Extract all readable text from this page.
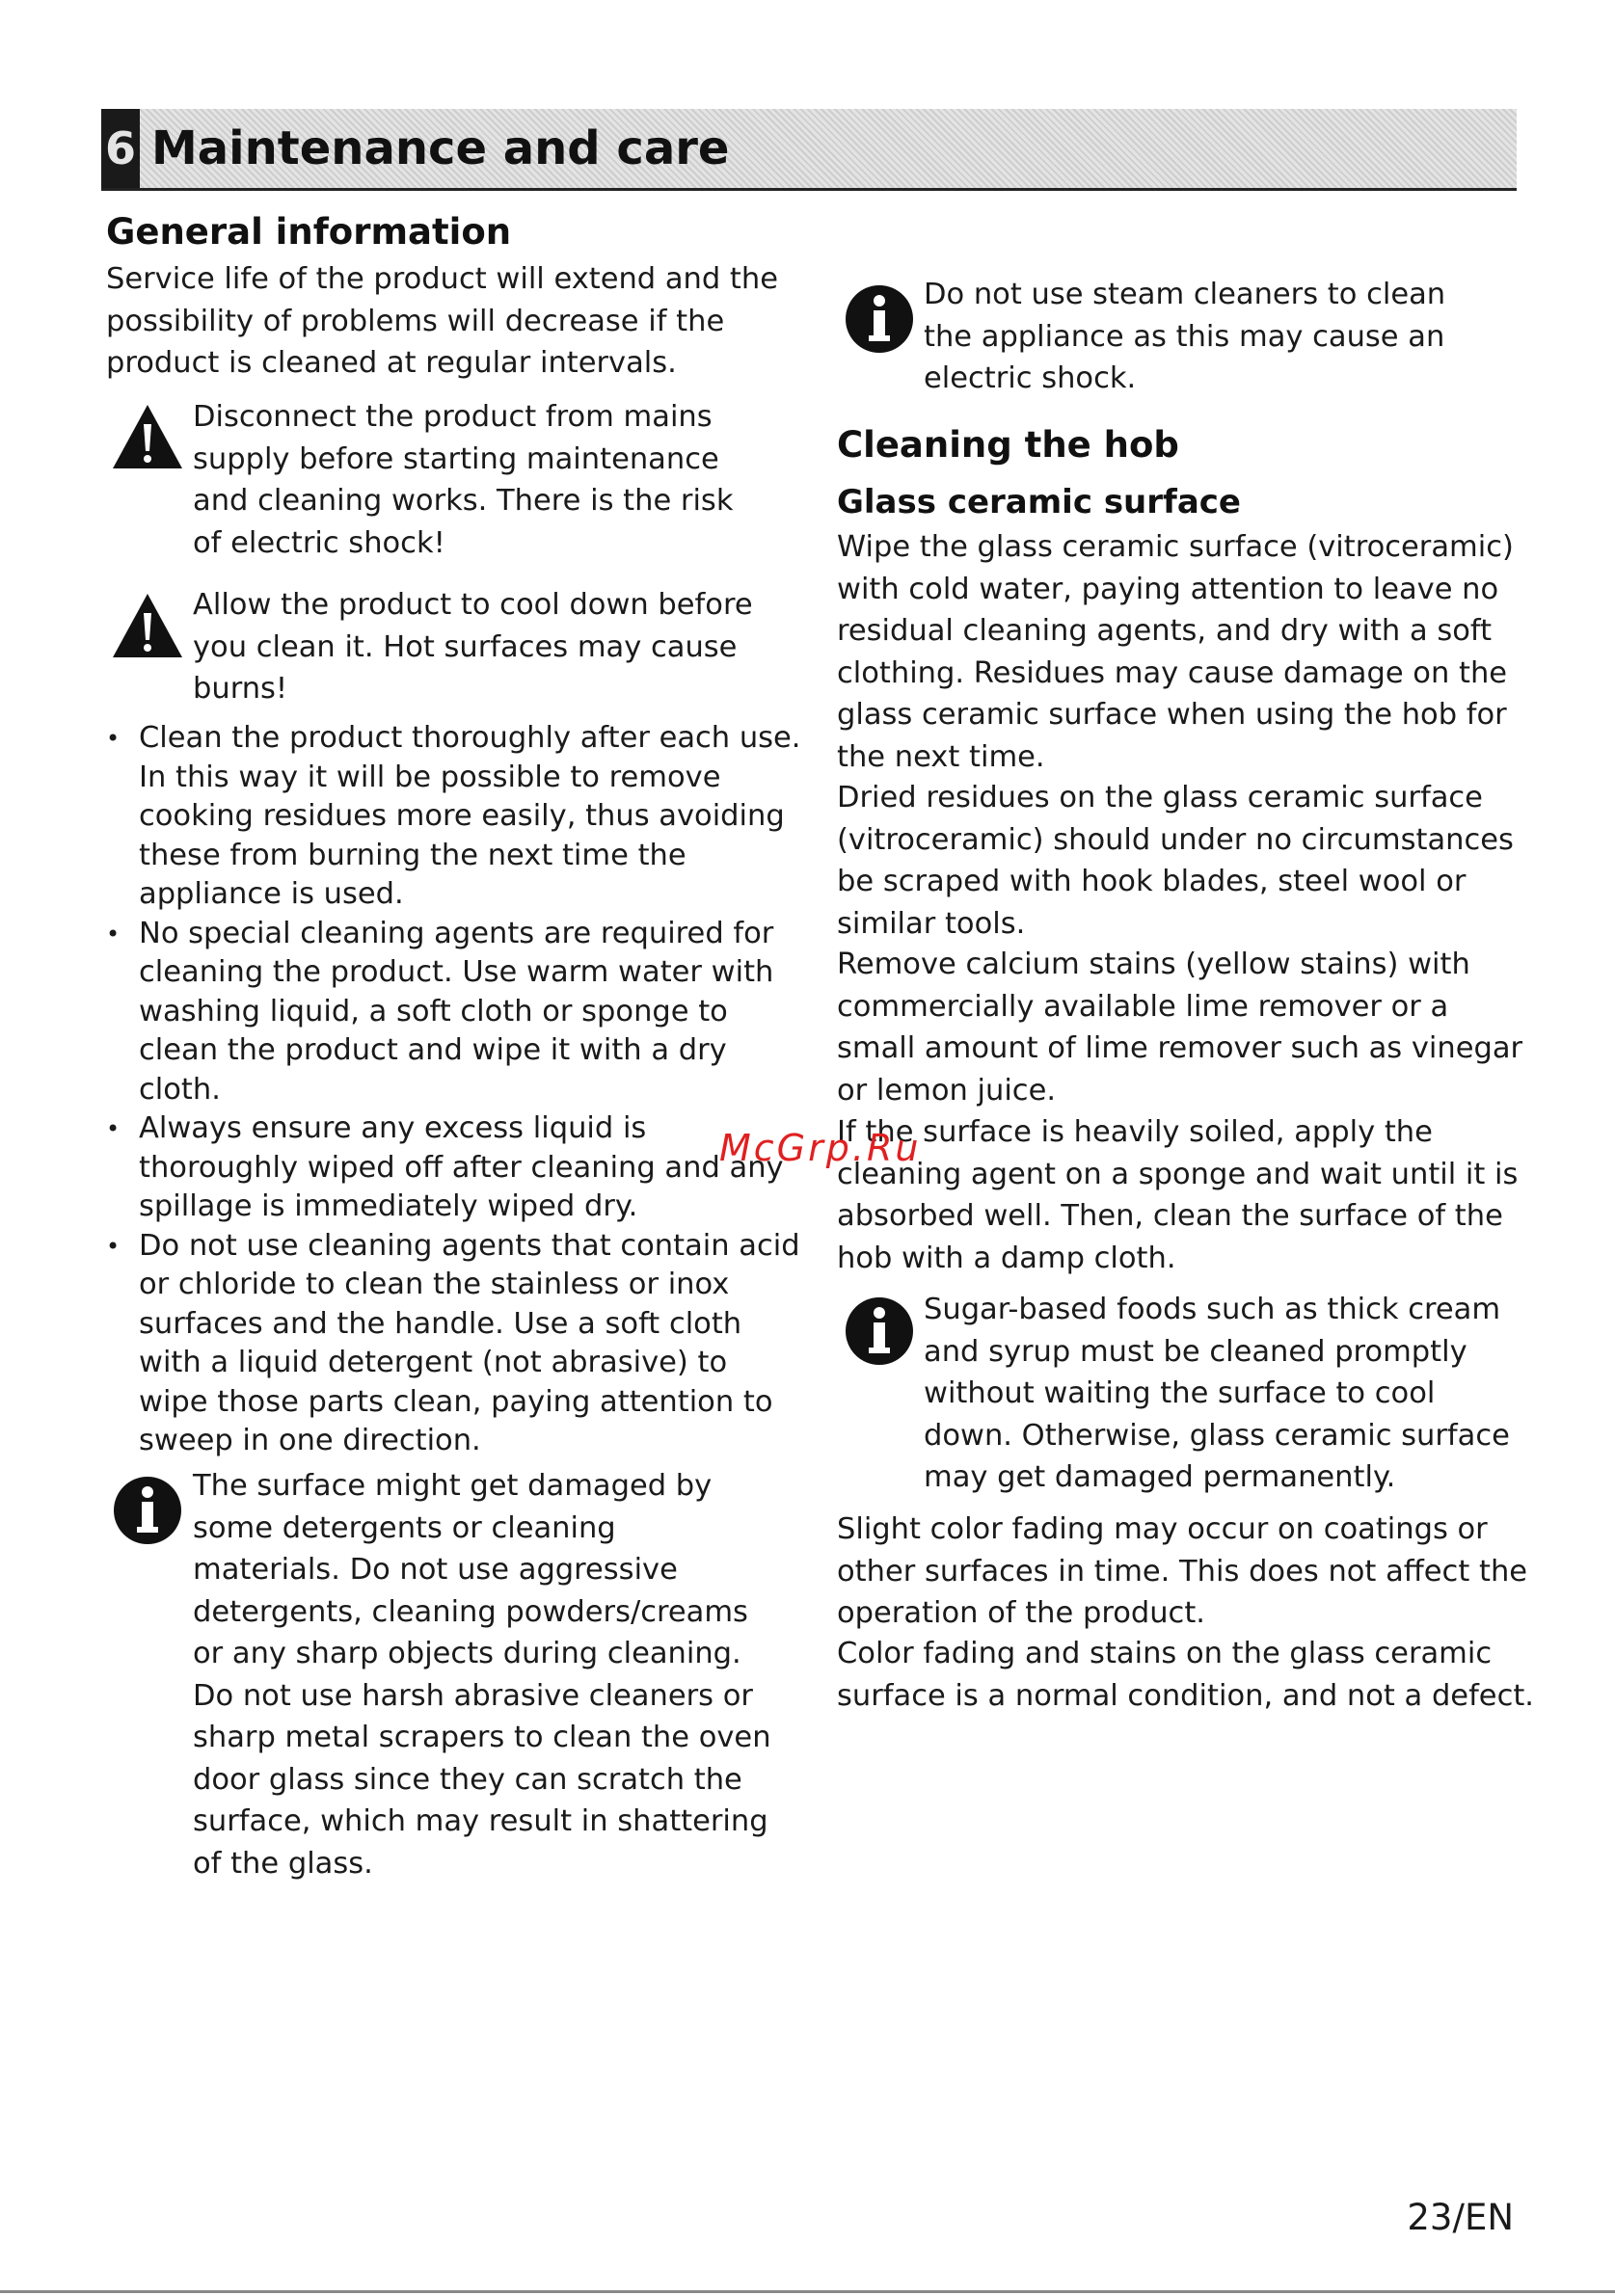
6 Maintenance and care
General information

Service life of the product will extend and the possibility of problems will decrease if the product is cleaned at regular intervals.

Disconnect the product from mains supply before starting maintenance and cleaning works. There is the risk of electric shock!

Allow the product to cool down before you clean it. Hot surfaces may cause burns!

• Clean the product thoroughly after each use. In this way it will be possible to remove cooking residues more easily, thus avoiding these from burning the next time the appliance is used.
• No special cleaning agents are required for cleaning the product. Use warm water with washing liquid, a soft cloth or sponge to clean the product and wipe it with a dry cloth.
• Always ensure any excess liquid is thoroughly wiped off after cleaning and any spillage is immediately wiped dry.
• Do not use cleaning agents that contain acid or chloride to clean the stainless or inox surfaces and the handle. Use a soft cloth with a liquid detergent (not abrasive) to wipe those parts clean, paying attention to sweep in one direction.

The surface might get damaged by some detergents or cleaning materials. Do not use aggressive detergents, cleaning powders/creams or any sharp objects during cleaning. Do not use harsh abrasive cleaners or sharp metal scrapers to clean the oven door glass since they can scratch the surface, which may result in shattering of the glass.

Do not use steam cleaners to clean the appliance as this may cause an electric shock.

Cleaning the hob
Glass ceramic surface

Wipe the glass ceramic surface (vitroceramic) with cold water, paying attention to leave no residual cleaning agents, and dry with a soft clothing. Residues may cause damage on the glass ceramic surface when using the hob for the next time.

Dried residues on the glass ceramic surface (vitroceramic) should under no circumstances be scraped with hook blades, steel wool or similar tools.

Remove calcium stains (yellow stains) with commercially available lime remover or a small amount of lime remover such as vinegar or lemon juice.

If the surface is heavily soiled, apply the cleaning agent on a sponge and wait until it is absorbed well. Then, clean the surface of the hob with a damp cloth.

Sugar-based foods such as thick cream and syrup must be cleaned promptly without waiting the surface to cool down. Otherwise, glass ceramic surface may get damaged permanently.

Slight color fading may occur on coatings or other surfaces in time. This does not affect the operation of the product.

Color fading and stains on the glass ceramic surface is a normal condition, and not a defect.

McGrp.Ru

23/EN
